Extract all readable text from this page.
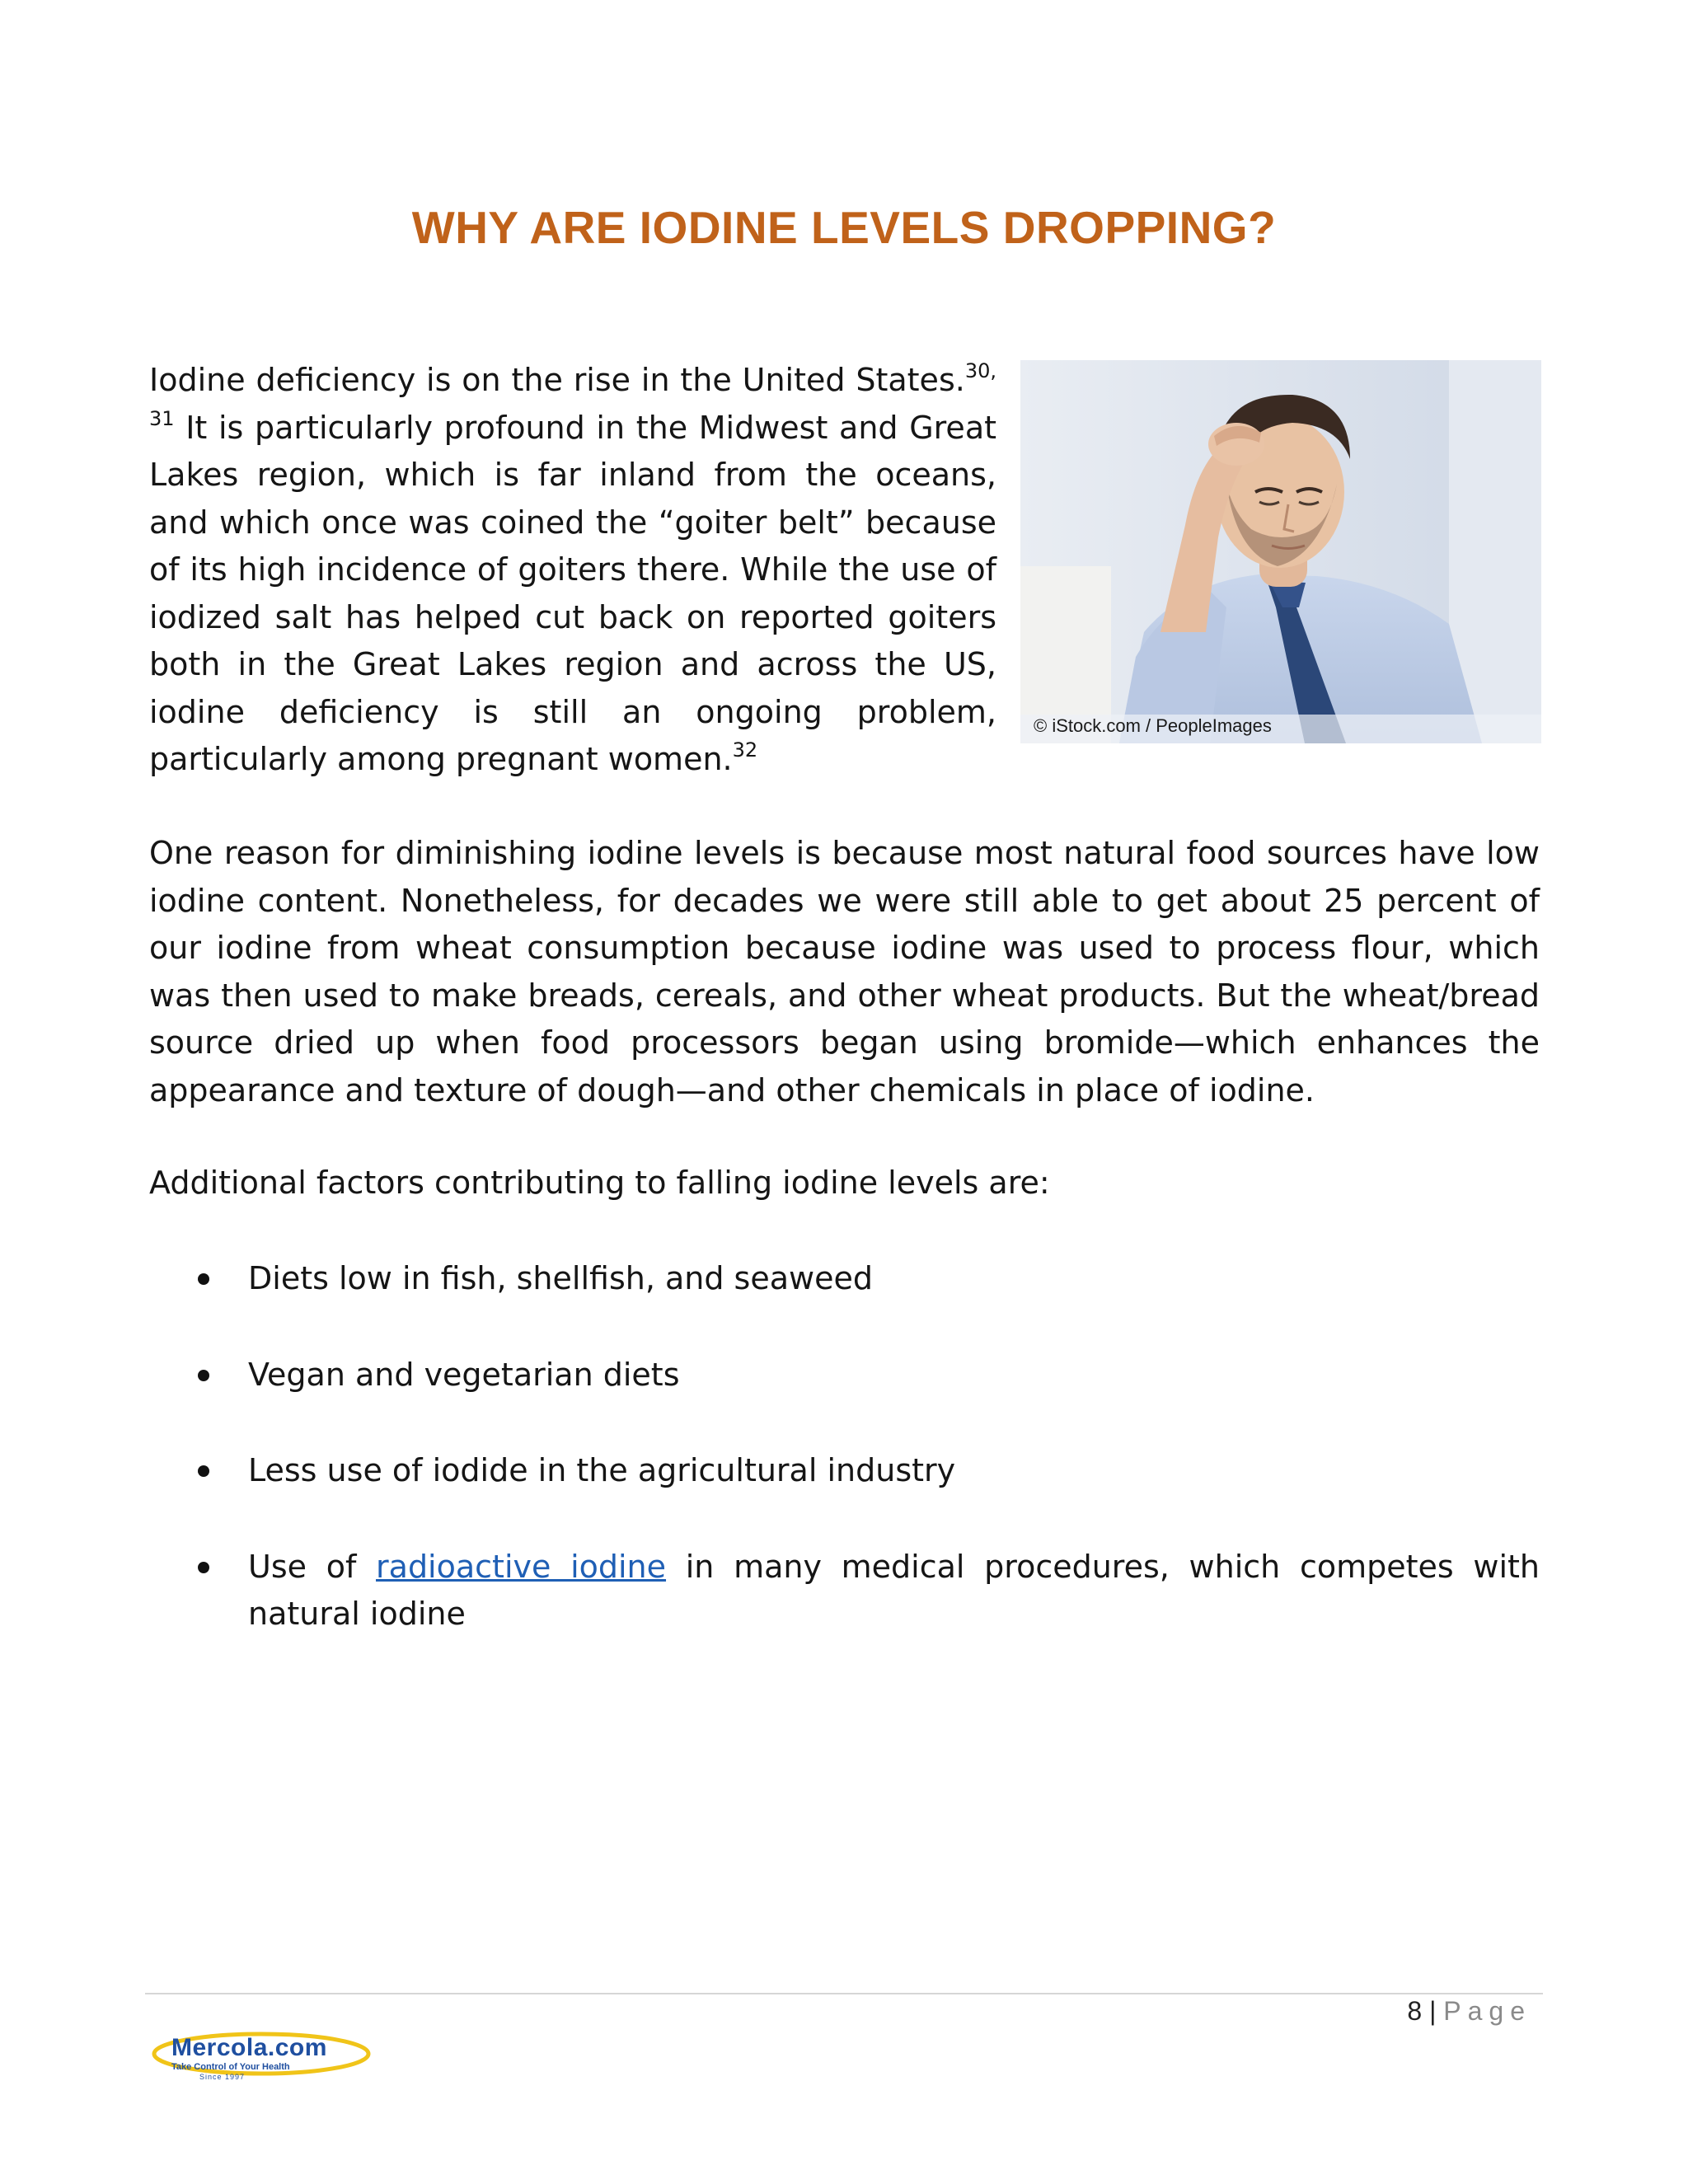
WHY ARE IODINE LEVELS DROPPING?

Iodine deficiency is on the rise in the United States.$^{30, 31}$ It is particularly profound in the Midwest and Great Lakes region, which is far inland from the oceans, and which once was coined the “goiter belt” because of its high incidence of goiters there. While the use of iodized salt has helped cut back on reported goiters both in the Great Lakes region and across the US, iodine deficiency is still an ongoing problem, particularly among pregnant women.$^{32}$

© iStock.com / PeopleImages

One reason for diminishing iodine levels is because most natural food sources have low iodine content. Nonetheless, for decades we were still able to get about 25 percent of our iodine from wheat consumption because iodine was used to process flour, which was then used to make breads, cereals, and other wheat products. But the wheat/bread source dried up when food processors began using bromide—which enhances the appearance and texture of dough—and other chemicals in place of iodine.

Additional factors contributing to falling iodine levels are:

Diets low in fish, shellfish, and seaweed
Vegan and vegetarian diets
Less use of iodide in the agricultural industry
Use of radioactive iodine in many medical procedures, which competes with natural iodine
8 | Page
Mercola.com
Take Control of Your Health
Since 1997
